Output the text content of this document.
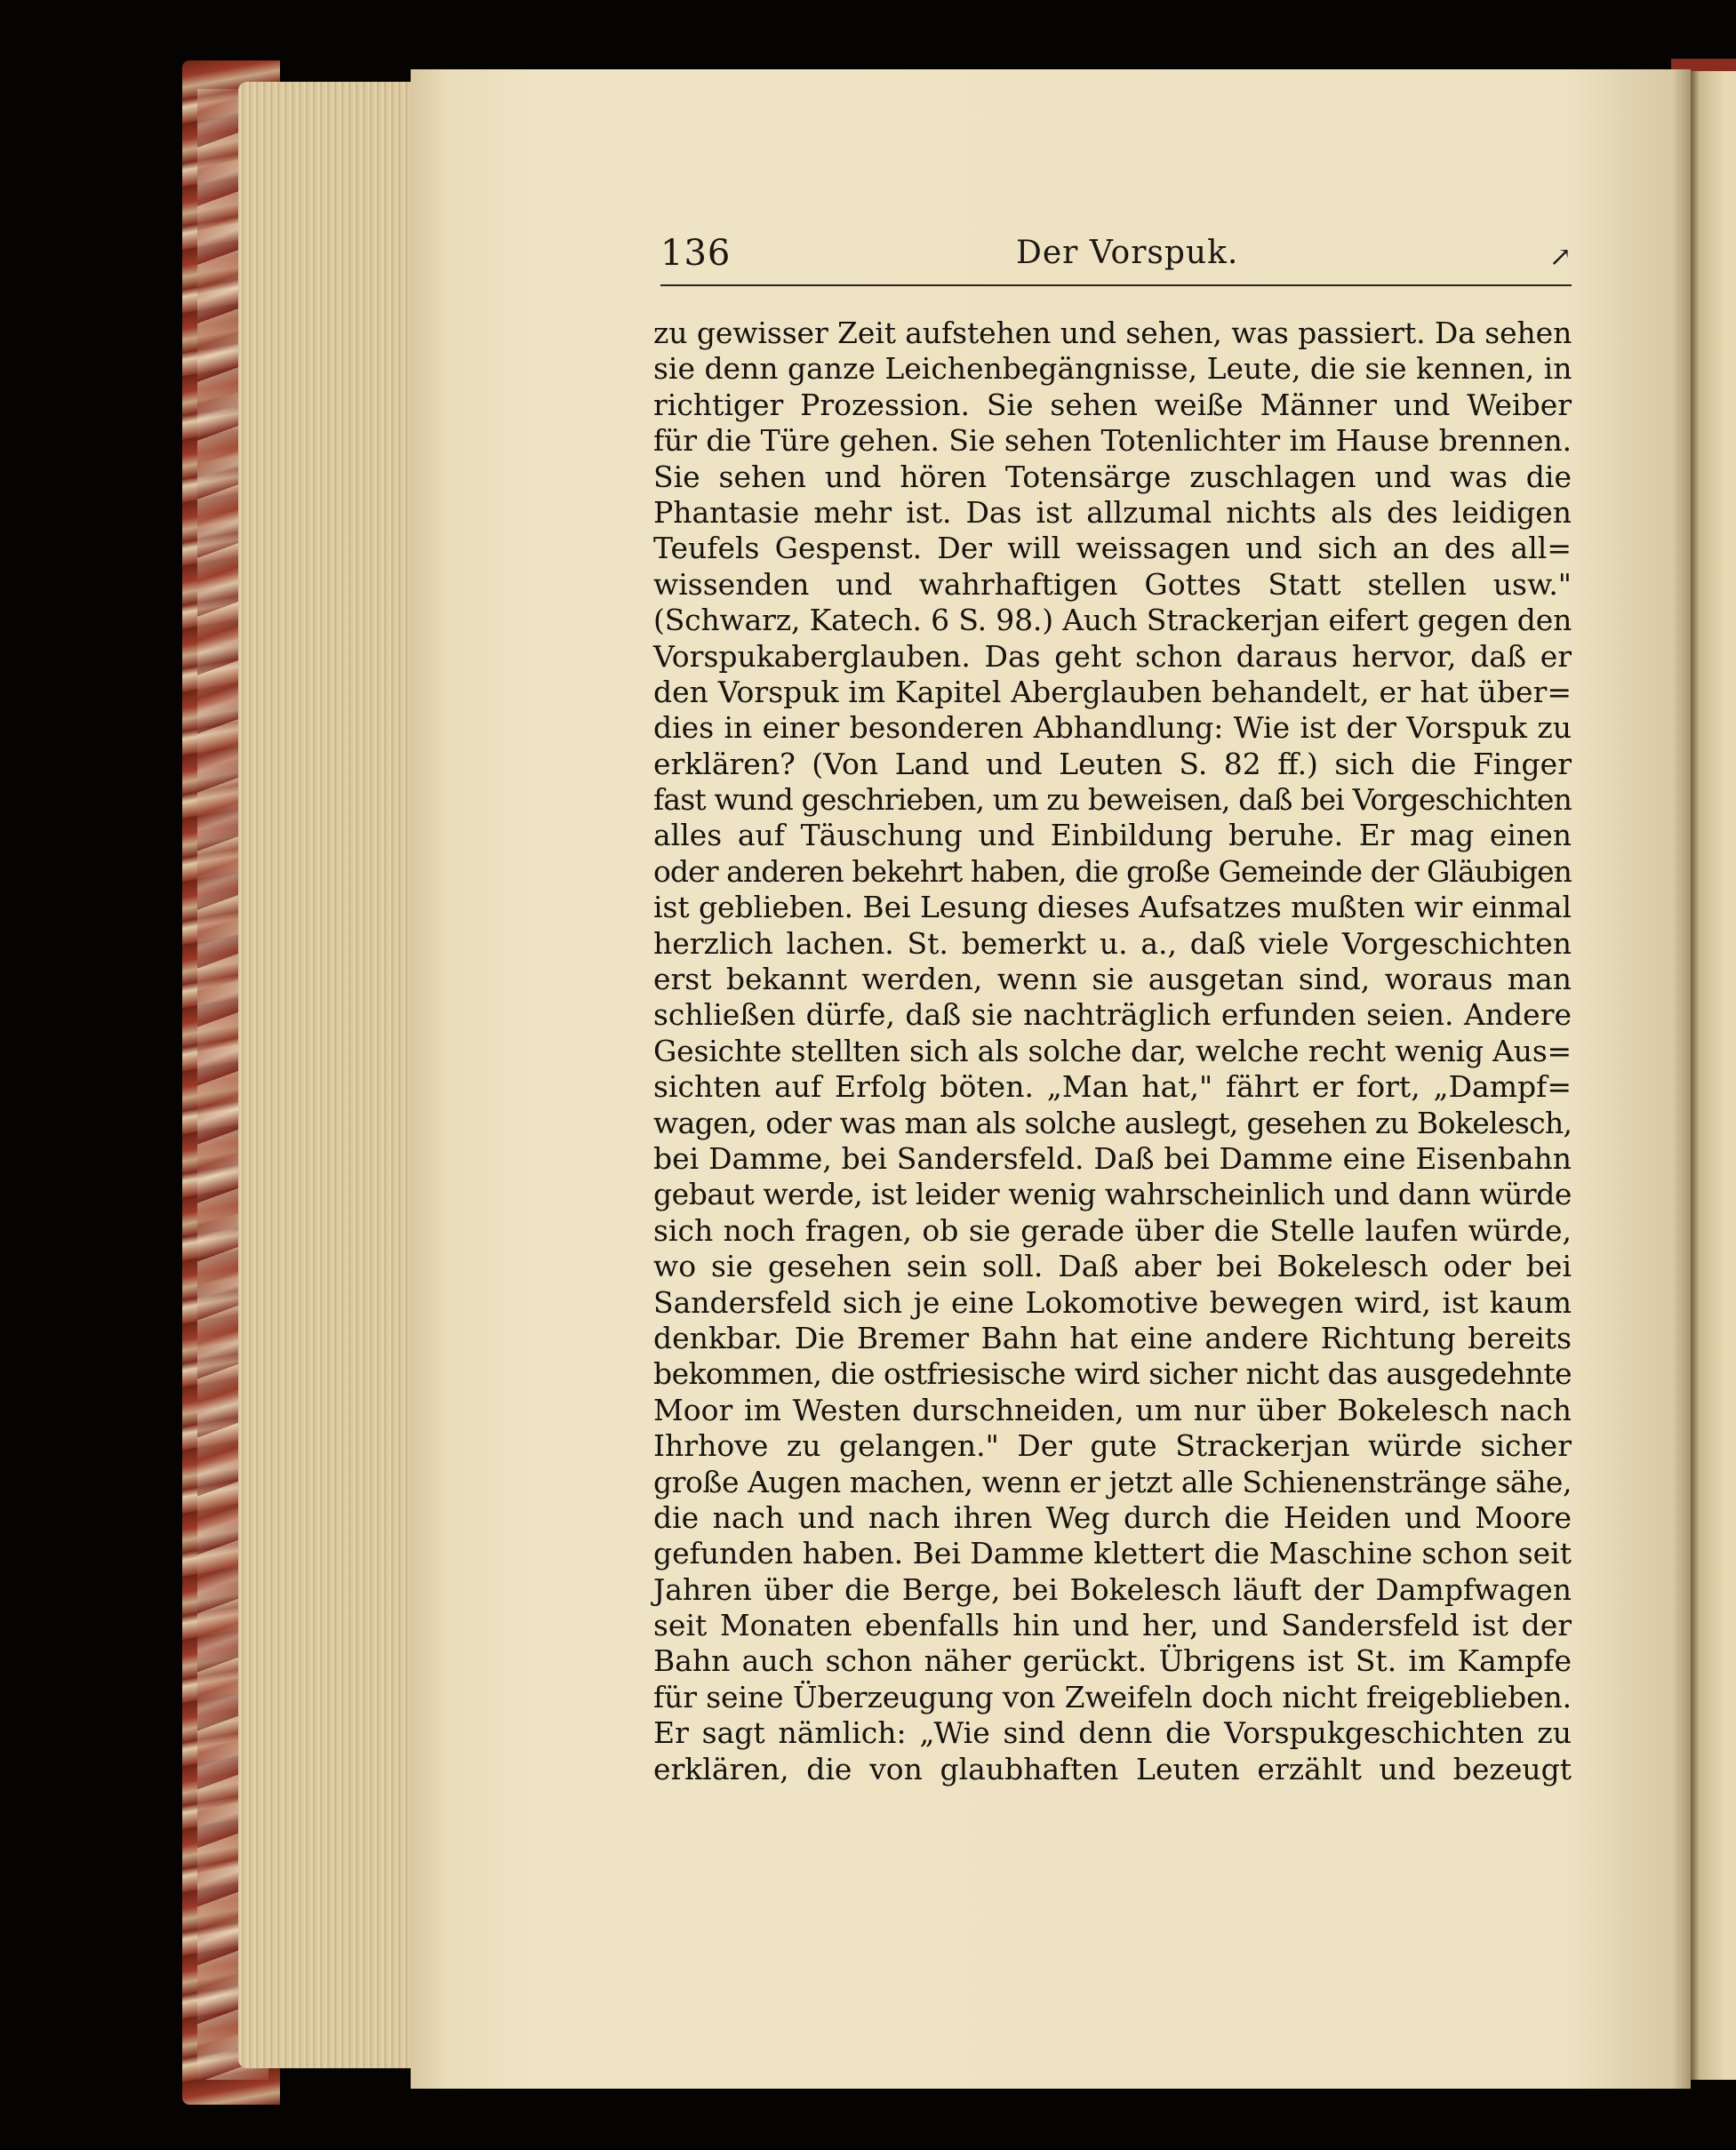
136	Der Vorspuk.	↗
zu gewisser Zeit aufstehen und sehen, was passiert. Da sehen
sie denn ganze Leichenbegängnisse, Leute, die sie kennen, in
richtiger Prozession. Sie sehen weiße Männer und Weiber
für die Türe gehen. Sie sehen Totenlichter im Hause brennen.
Sie sehen und hören Totensärge zuschlagen und was die
Phantasie mehr ist. Das ist allzumal nichts als des leidigen
Teufels Gespenst. Der will weissagen und sich an des all=
wissenden und wahrhaftigen Gottes Statt stellen usw."
(Schwarz, Katech. 6 S. 98.) Auch Strackerjan eifert gegen den
Vorspukaberglauben. Das geht schon daraus hervor, daß er
den Vorspuk im Kapitel Aberglauben behandelt, er hat über=
dies in einer besonderen Abhandlung: Wie ist der Vorspuk zu
erklären? (Von Land und Leuten S. 82 ff.) sich die Finger
fast wund geschrieben, um zu beweisen, daß bei Vorgeschichten
alles auf Täuschung und Einbildung beruhe. Er mag einen
oder anderen bekehrt haben, die große Gemeinde der Gläubigen
ist geblieben. Bei Lesung dieses Aufsatzes mußten wir einmal
herzlich lachen. St. bemerkt u. a., daß viele Vorgeschichten
erst bekannt werden, wenn sie ausgetan sind, woraus man
schließen dürfe, daß sie nachträglich erfunden seien. Andere
Gesichte stellten sich als solche dar, welche recht wenig Aus=
sichten auf Erfolg böten. „Man hat," fährt er fort, „Dampf=
wagen, oder was man als solche auslegt, gesehen zu Bokelesch,
bei Damme, bei Sandersfeld. Daß bei Damme eine Eisenbahn
gebaut werde, ist leider wenig wahrscheinlich und dann würde
sich noch fragen, ob sie gerade über die Stelle laufen würde,
wo sie gesehen sein soll. Daß aber bei Bokelesch oder bei
Sandersfeld sich je eine Lokomotive bewegen wird, ist kaum
denkbar. Die Bremer Bahn hat eine andere Richtung bereits
bekommen, die ostfriesische wird sicher nicht das ausgedehnte
Moor im Westen durschneiden, um nur über Bokelesch nach
Ihrhove zu gelangen." Der gute Strackerjan würde sicher
große Augen machen, wenn er jetzt alle Schienenstränge sähe,
die nach und nach ihren Weg durch die Heiden und Moore
gefunden haben. Bei Damme klettert die Maschine schon seit
Jahren über die Berge, bei Bokelesch läuft der Dampfwagen
seit Monaten ebenfalls hin und her, und Sandersfeld ist der
Bahn auch schon näher gerückt. Übrigens ist St. im Kampfe
für seine Überzeugung von Zweifeln doch nicht freigeblieben.
Er sagt nämlich: „Wie sind denn die Vorspukgeschichten zu
erklären, die von glaubhaften Leuten erzählt und bezeugt
